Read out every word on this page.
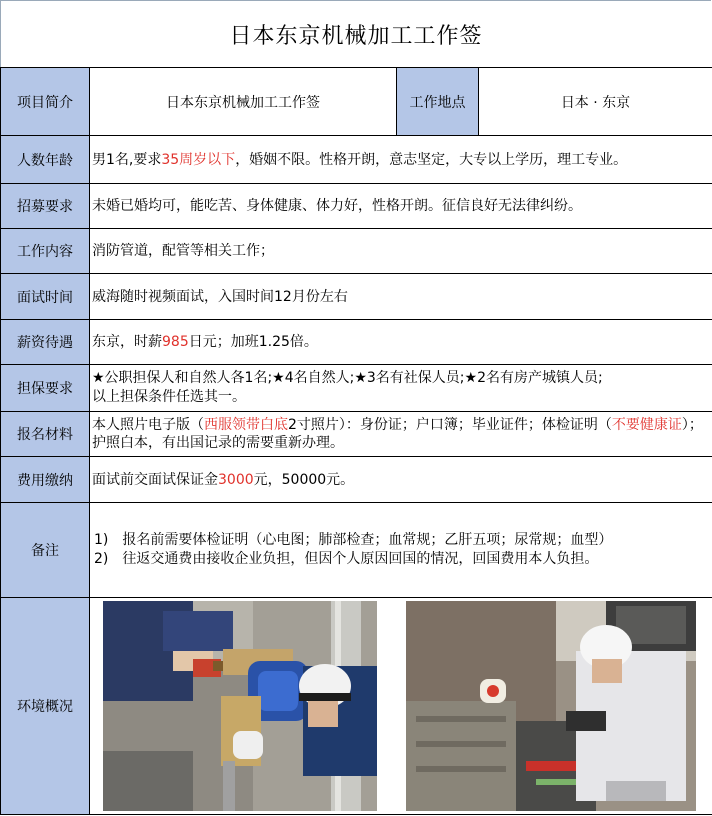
日本东京机械加工工作签
项目简介	日本东京机械加工工作签	工作地点	日本 · 东京
人数年龄	男1名,要求35周岁以下，婚姻不限。性格开朗，意志坚定，大专以上学历，理工专业。		
招募要求	未婚已婚均可，能吃苦、身体健康、体力好，性格开朗。征信良好无法律纠纷。		
工作内容	消防管道，配管等相关工作；		
面试时间	威海随时视频面试，入国时间12月份左右		
薪资待遇	东京，时薪985日元；加班1.25倍。		
担保要求	★公职担保人和自然人各1名;★4名自然人;★3名有社保人员;★2名有房产城镇人员;
以上担保条件任选其一。		

报名材料	本人照片电子版（西服领带白底2寸照片）：身份证；户口簿；毕业证件；体检证明（不要健康证）；护照白本，有出国记录的需要重新办理。		
费用缴纳	面试前交面试保证金3000元，50000元。		
备注	1)　报名前需要体检证明（心电图；肺部检查；血常规；乙肝五项；尿常规；血型）
2)　往返交通费由接收企业负担，但因个人原因回国的情况，回国费用本人负担。		

环境概况	
